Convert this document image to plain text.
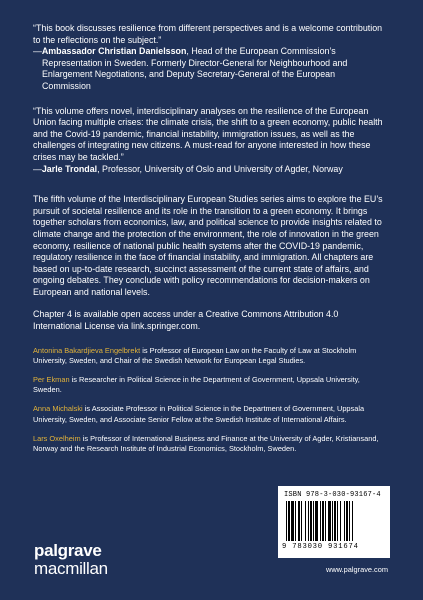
“This book discusses resilience from different perspectives and is a welcome contribution to the reflections on the subject.”

—Ambassador Christian Danielsson, Head of the European Commission’s Representation in Sweden. Formerly Director-General for Neighbourhood and Enlargement Negotiations, and Deputy Secretary-General of the European Commission

“This volume offers novel, interdisciplinary analyses on the resilience of the European Union facing multiple crises: the climate crisis, the shift to a green economy, public health and the Covid-19 pandemic, financial instability, immigration issues, as well as the challenges of integrating new citizens. A must-read for anyone interested in how these crises may be tackled.”

—Jarle Trondal, Professor, University of Oslo and University of Agder, Norway

The fifth volume of the Interdisciplinary European Studies series aims to explore the EU’s pursuit of societal resilience and its role in the transition to a green economy. It brings together scholars from economics, law, and political science to provide insights related to climate change and the protection of the environment, the role of innovation in the green economy, resilience of national public health systems after the COVID-19 pandemic, regulatory resilience in the face of financial instability, and immigration. All chapters are based on up-to-date research, succinct assessment of the current state of affairs, and ongoing debates. They conclude with policy recommendations for decision-makers on European and national levels.

Chapter 4 is available open access under a Creative Commons Attribution 4.0 International License via link.springer.com.

Antonina Bakardjieva Engelbrekt is Professor of European Law on the Faculty of Law at Stockholm University, Sweden, and Chair of the Swedish Network for European Legal Studies.

Per Ekman is Researcher in Political Science in the Department of Government, Uppsala University, Sweden.

Anna Michalski is Associate Professor in Political Science in the Department of Government, Uppsala University, Sweden, and Associate Senior Fellow at the Swedish Institute of International Affairs.

Lars Oxelheim is Professor of International Business and Finance at the University of Agder, Kristiansand, Norway and the Research Institute of Industrial Economics, Stockholm, Sweden.

palgrave
macmillan
ISBN 978-3-030-93167-4
9 783030 931674
www.palgrave.com
